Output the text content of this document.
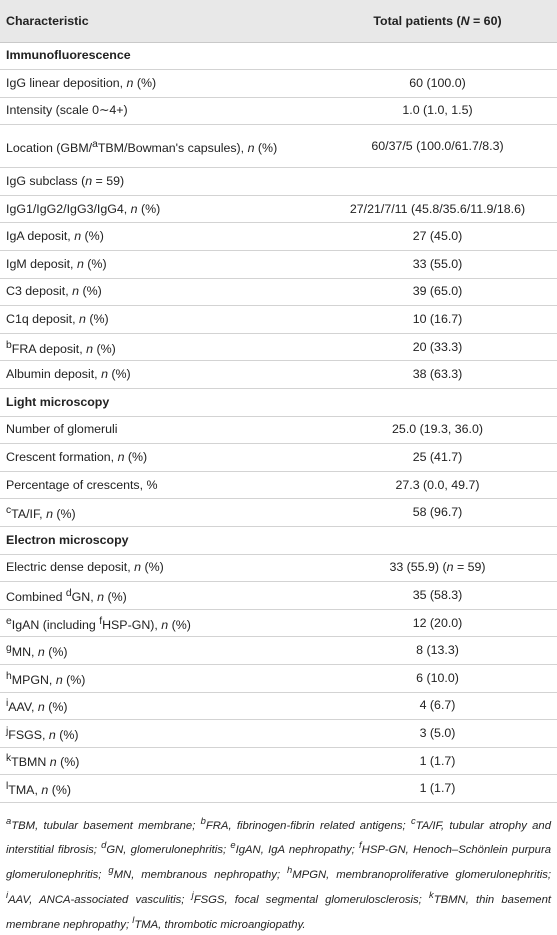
Characteristic	Total patients (N = 60)
Immunofluorescence	
IgG linear deposition, n (%)	60 (100.0)
Intensity (scale 0∼4+)	1.0 (1.0, 1.5)
Location (GBM/$^a$TBM/Bowman's capsules), n (%)	60/37/5 (100.0/61.7/8.3)
IgG subclass (n = 59)	
IgG1/IgG2/IgG3/IgG4, n (%)	27/21/7/11 (45.8/35.6/11.9/18.6)
IgA deposit, n (%)	27 (45.0)
IgM deposit, n (%)	33 (55.0)
C3 deposit, n (%)	39 (65.0)
C1q deposit, n (%)	10 (16.7)
$^b$FRA deposit, n (%)	20 (33.3)
Albumin deposit, n (%)	38 (63.3)
Light microscopy	
Number of glomeruli	25.0 (19.3, 36.0)
Crescent formation, n (%)	25 (41.7)
Percentage of crescents, %	27.3 (0.0, 49.7)
$^c$TA/IF, n (%)	58 (96.7)
Electron microscopy	
Electric dense deposit, n (%)	33 (55.9) (n = 59)
Combined $^d$GN, n (%)	35 (58.3)
$^e$IgAN (including $^f$HSP-GN), n (%)	12 (20.0)
$^g$MN, n (%)	8 (13.3)
$^h$MPGN, n (%)	6 (10.0)
$^i$AAV, n (%)	4 (6.7)
$^j$FSGS, n (%)	3 (5.0)
$^k$TBMN n (%)	1 (1.7)
$^l$TMA, n (%)	1 (1.7)
$^a$TBM, tubular basement membrane; $^b$FRA, fibrinogen-fibrin related antigens; $^c$TA/IF, tubular atrophy and interstitial fibrosis; $^d$GN, glomerulonephritis; $^e$IgAN, IgA nephropathy; $^f$HSP-GN, Henoch–Schönlein purpura glomerulonephritis; $^g$MN, membranous nephropathy; $^h$MPGN, membranoproliferative glomerulonephritis; $^i$AAV, ANCA-associated vasculitis; $^j$FSGS, focal segmental glomerulosclerosis; $^k$TBMN, thin basement membrane nephropathy; $^l$TMA, thrombotic microangiopathy.
